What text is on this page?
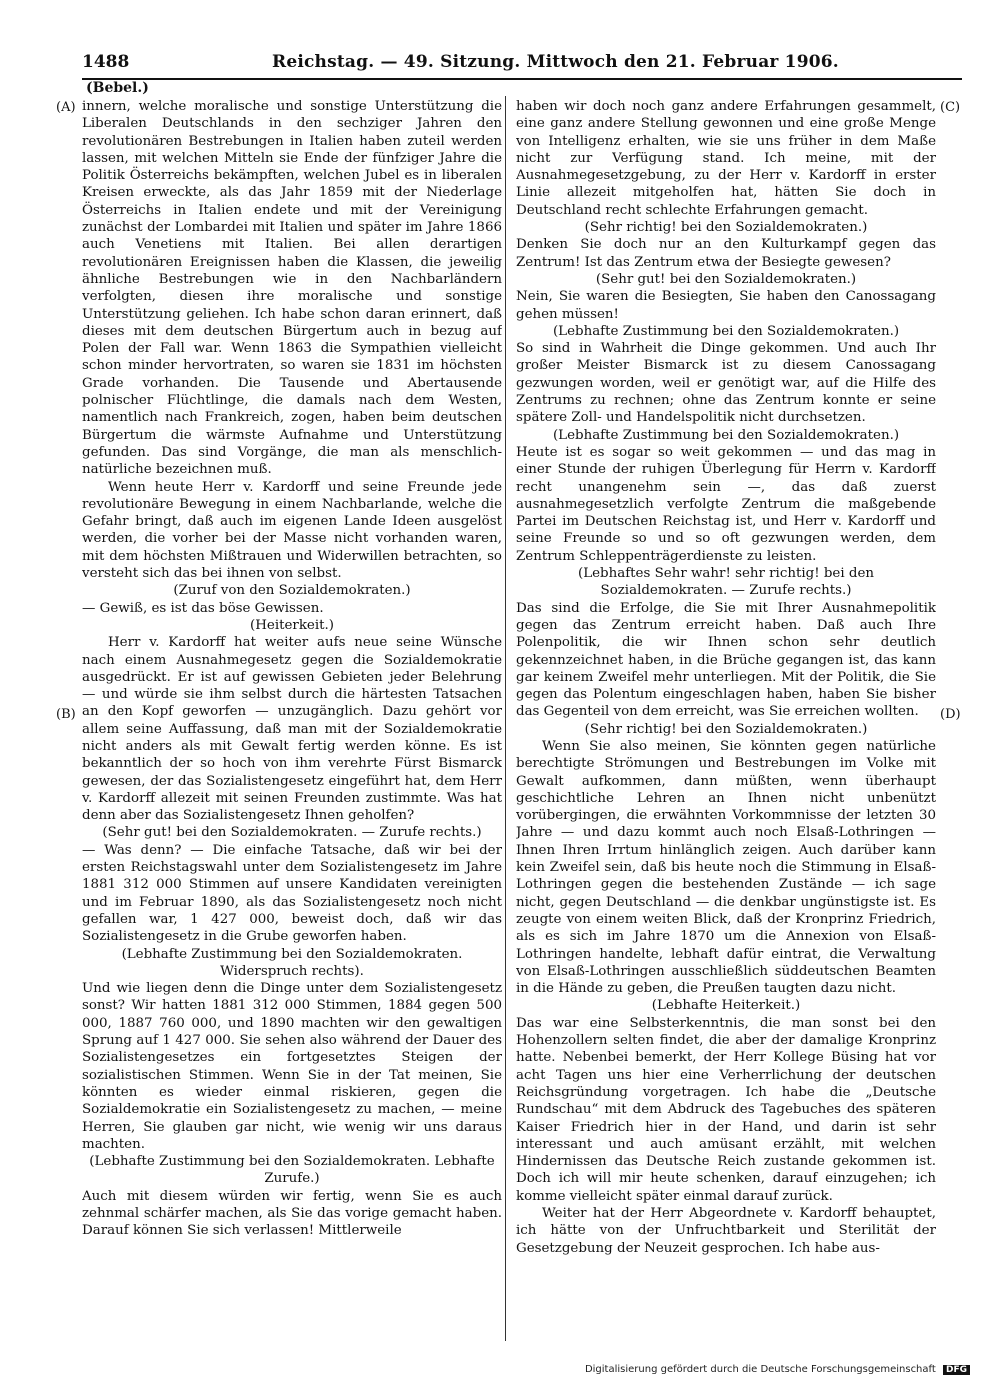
1488	Reichstag. — 49. Sitzung. Mittwoch den 21. Februar 1906.
(Bebel.)
(A)
(B)
(C)
(D)

innern, welche moralische und sonstige Unterstützung die Liberalen Deutschlands in den sechziger Jahren den revolutionären Bestrebungen in Italien haben zuteil werden lassen, mit welchen Mitteln sie Ende der fünfziger Jahre die Politik Österreichs bekämpften, welchen Jubel es in liberalen Kreisen erweckte, als das Jahr 1859 mit der Niederlage Österreichs in Italien endete und mit der Vereinigung zunächst der Lombardei mit Italien und später im Jahre 1866 auch Venetiens mit Italien. Bei allen derartigen revolutionären Ereignissen haben die Klassen, die jeweilig ähnliche Bestrebungen wie in den Nachbarländern verfolgten, diesen ihre moralische und sonstige Unterstützung geliehen. Ich habe schon daran erinnert, daß dieses mit dem deutschen Bürgertum auch in bezug auf Polen der Fall war. Wenn 1863 die Sympathien vielleicht schon minder hervortraten, so waren sie 1831 im höchsten Grade vorhanden. Die Tausende und Abertausende polnischer Flüchtlinge, die damals nach dem Westen, namentlich nach Frankreich, zogen, haben beim deutschen Bürgertum die wärmste Aufnahme und Unterstützung gefunden. Das sind Vorgänge, die man als menschlich-natürliche bezeichnen muß.

Wenn heute Herr v. Kardorff und seine Freunde jede revolutionäre Bewegung in einem Nachbarlande, welche die Gefahr bringt, daß auch im eigenen Lande Ideen ausgelöst werden, die vorher bei der Masse nicht vorhanden waren, mit dem höchsten Mißtrauen und Widerwillen betrachten, so versteht sich das bei ihnen von selbst.

(Zuruf von den Sozialdemokraten.)

— Gewiß, es ist das böse Gewissen.

(Heiterkeit.)

Herr v. Kardorff hat weiter aufs neue seine Wünsche nach einem Ausnahmegesetz gegen die Sozialdemokratie ausgedrückt. Er ist auf gewissen Gebieten jeder Belehrung — und würde sie ihm selbst durch die härtesten Tatsachen an den Kopf geworfen — unzugänglich. Dazu gehört vor allem seine Auffassung, daß man mit der Sozialdemokratie nicht anders als mit Gewalt fertig werden könne. Es ist bekanntlich der so hoch von ihm verehrte Fürst Bismarck gewesen, der das Sozialistengesetz eingeführt hat, dem Herr v. Kardorff allezeit mit seinen Freunden zustimmte. Was hat denn aber das Sozialistengesetz Ihnen geholfen?

(Sehr gut! bei den Sozialdemokraten. — Zurufe rechts.)

— Was denn? — Die einfache Tatsache, daß wir bei der ersten Reichstagswahl unter dem Sozialistengesetz im Jahre 1881 312 000 Stimmen auf unsere Kandidaten vereinigten und im Februar 1890, als das Sozialistengesetz noch nicht gefallen war, 1 427 000, beweist doch, daß wir das Sozialistengesetz in die Grube geworfen haben.

(Lebhafte Zustimmung bei den Sozialdemokraten. Widerspruch rechts).

Und wie liegen denn die Dinge unter dem Sozialistengesetz sonst? Wir hatten 1881 312 000 Stimmen, 1884 gegen 500 000, 1887 760 000, und 1890 machten wir den gewaltigen Sprung auf 1 427 000. Sie sehen also während der Dauer des Sozialistengesetzes ein fortgesetztes Steigen der sozialistischen Stimmen. Wenn Sie in der Tat meinen, Sie könnten es wieder einmal riskieren, gegen die Sozialdemokratie ein Sozialistengesetz zu machen, — meine Herren, Sie glauben gar nicht, wie wenig wir uns daraus machten.

(Lebhafte Zustimmung bei den Sozialdemokraten. Lebhafte Zurufe.)

Auch mit diesem würden wir fertig, wenn Sie es auch zehnmal schärfer machen, als Sie das vorige gemacht haben. Darauf können Sie sich verlassen! Mittlerweile

haben wir doch noch ganz andere Erfahrungen gesammelt, eine ganz andere Stellung gewonnen und eine große Menge von Intelligenz erhalten, wie sie uns früher in dem Maße nicht zur Verfügung stand. Ich meine, mit der Ausnahmegesetzgebung, zu der Herr v. Kardorff in erster Linie allezeit mitgeholfen hat, hätten Sie doch in Deutschland recht schlechte Erfahrungen gemacht.

(Sehr richtig! bei den Sozialdemokraten.)

Denken Sie doch nur an den Kulturkampf gegen das Zentrum! Ist das Zentrum etwa der Besiegte gewesen?

(Sehr gut! bei den Sozialdemokraten.)

Nein, Sie waren die Besiegten, Sie haben den Canossagang gehen müssen!

(Lebhafte Zustimmung bei den Sozialdemokraten.)

So sind in Wahrheit die Dinge gekommen. Und auch Ihr großer Meister Bismarck ist zu diesem Canossagang gezwungen worden, weil er genötigt war, auf die Hilfe des Zentrums zu rechnen; ohne das Zentrum konnte er seine spätere Zoll- und Handelspolitik nicht durchsetzen.

(Lebhafte Zustimmung bei den Sozialdemokraten.)

Heute ist es sogar so weit gekommen — und das mag in einer Stunde der ruhigen Überlegung für Herrn v. Kardorff recht unangenehm sein —, das daß zuerst ausnahmegesetzlich verfolgte Zentrum die maßgebende Partei im Deutschen Reichstag ist, und Herr v. Kardorff und seine Freunde so und so oft gezwungen werden, dem Zentrum Schleppenträgerdienste zu leisten.

(Lebhaftes Sehr wahr! sehr richtig! bei den Sozialdemokraten. — Zurufe rechts.)

Das sind die Erfolge, die Sie mit Ihrer Ausnahmepolitik gegen das Zentrum erreicht haben. Daß auch Ihre Polenpolitik, die wir Ihnen schon sehr deutlich gekennzeichnet haben, in die Brüche gegangen ist, das kann gar keinem Zweifel mehr unterliegen. Mit der Politik, die Sie gegen das Polentum eingeschlagen haben, haben Sie bisher das Gegenteil von dem erreicht, was Sie erreichen wollten.

(Sehr richtig! bei den Sozialdemokraten.)

Wenn Sie also meinen, Sie könnten gegen natürliche berechtigte Strömungen und Bestrebungen im Volke mit Gewalt aufkommen, dann müßten, wenn überhaupt geschichtliche Lehren an Ihnen nicht unbenützt vorübergingen, die erwähnten Vorkommnisse der letzten 30 Jahre — und dazu kommt auch noch Elsaß-Lothringen — Ihnen Ihren Irrtum hinlänglich zeigen. Auch darüber kann kein Zweifel sein, daß bis heute noch die Stimmung in Elsaß-Lothringen gegen die bestehenden Zustände — ich sage nicht, gegen Deutschland — die denkbar ungünstigste ist. Es zeugte von einem weiten Blick, daß der Kronprinz Friedrich, als es sich im Jahre 1870 um die Annexion von Elsaß-Lothringen handelte, lebhaft dafür eintrat, die Verwaltung von Elsaß-Lothringen ausschließlich süddeutschen Beamten in die Hände zu geben, die Preußen taugten dazu nicht.

(Lebhafte Heiterkeit.)

Das war eine Selbsterkenntnis, die man sonst bei den Hohenzollern selten findet, die aber der damalige Kronprinz hatte. Nebenbei bemerkt, der Herr Kollege Büsing hat vor acht Tagen uns hier eine Verherrlichung der deutschen Reichsgründung vorgetragen. Ich habe die „Deutsche Rundschau“ mit dem Abdruck des Tagebuches des späteren Kaiser Friedrich hier in der Hand, und darin ist sehr interessant und auch amüsant erzählt, mit welchen Hindernissen das Deutsche Reich zustande gekommen ist. Doch ich will mir heute schenken, darauf einzugehen; ich komme vielleicht später einmal darauf zurück.

Weiter hat der Herr Abgeordnete v. Kardorff behauptet, ich hätte von der Unfruchtbarkeit und Sterilität der Gesetzgebung der Neuzeit gesprochen. Ich habe aus-

Digitalisierung gefördert durch die Deutsche Forschungsgemeinschaft DFG
